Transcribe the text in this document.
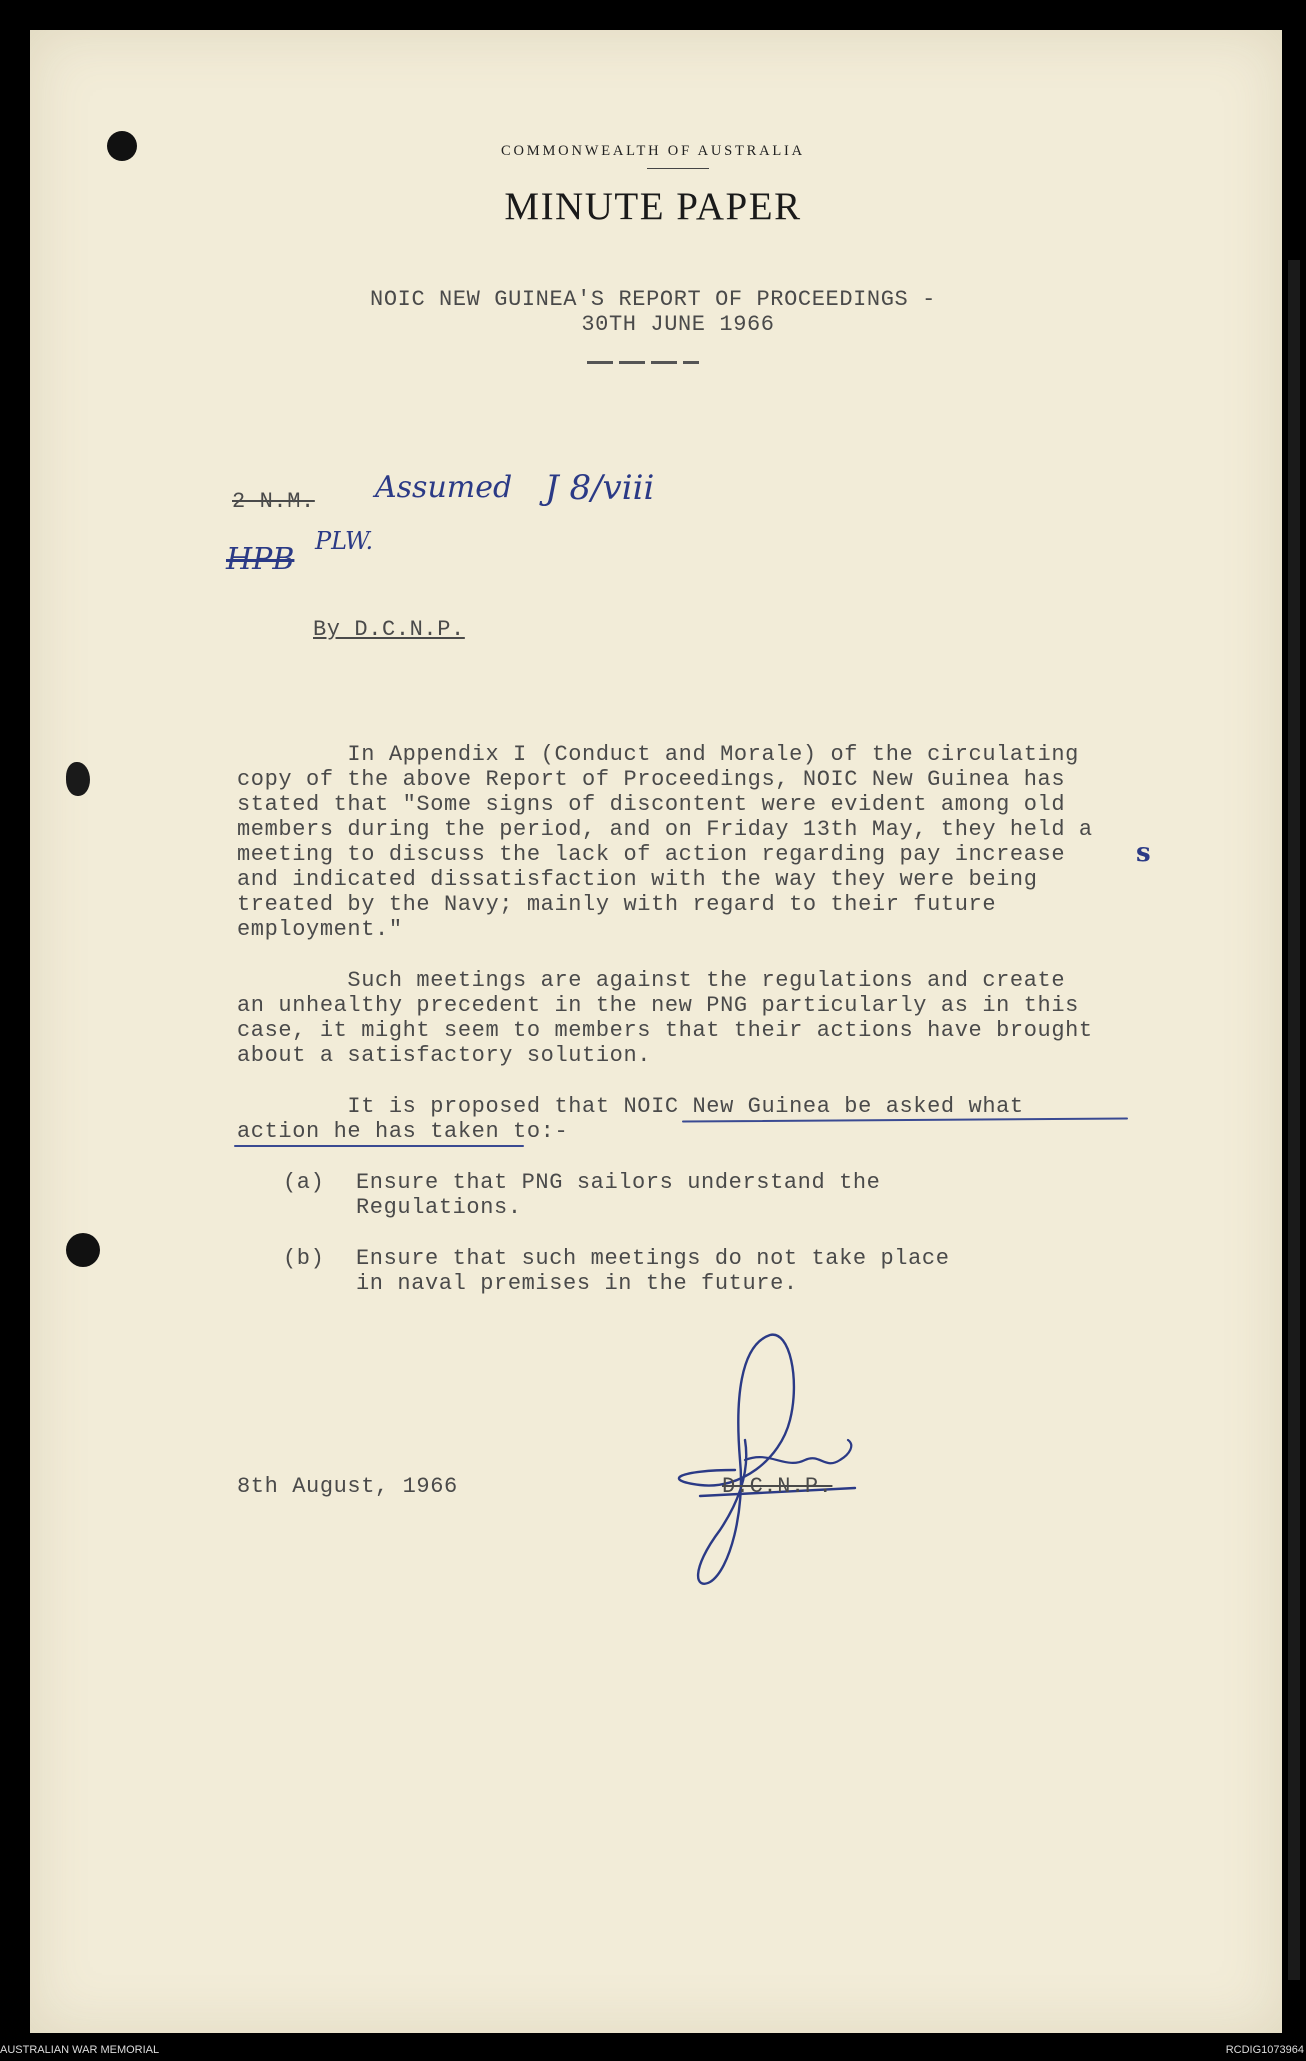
COMMONWEALTH OF AUSTRALIA
MINUTE PAPER
NOIC NEW GUINEA'S REPORT OF PROCEEDINGS -
30TH JUNE 1966
2 N.M. Assumed J 8/viii
HPB
PLW.
By D.C.N.P.
In Appendix I (Conduct and Morale) of the circulating
copy of the above Report of Proceedings, NOIC New Guinea has
stated that "Some signs of discontent were evident among old
members during the period, and on Friday 13th May, they held a
meeting to discuss the lack of action regarding pay increase	s
and indicated dissatisfaction with the way they were being
treated by the Navy; mainly with regard to their future
employment."
Such meetings are against the regulations and create
an unhealthy precedent in the new PNG particularly as in this
case, it might seem to members that their actions have brought
about a satisfactory solution.
It is proposed that NOIC New Guinea be asked what
action he has taken to:-
(a) Ensure that PNG sailors understand the
Regulations.
(b) Ensure that such meetings do not take place
in naval premises in the future.
8th August, 1966	D.C.N.P.
AUSTRALIAN WAR MEMORIAL	RCDIG1073964
